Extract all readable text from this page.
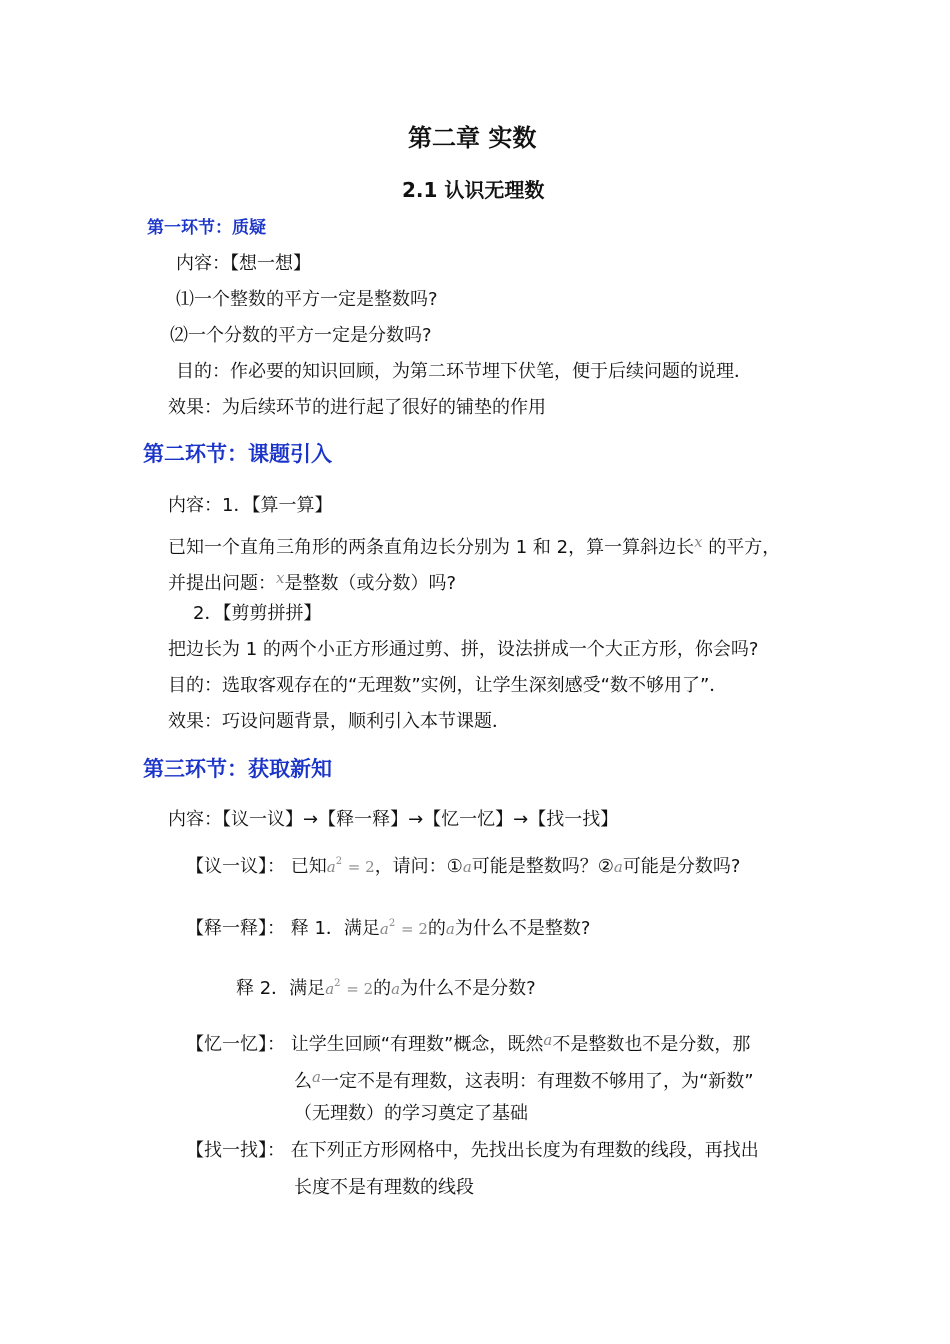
第二章 实数
2.1 认识无理数
第一环节：质疑
内容：【想一想】
⑴一个整数的平方一定是整数吗?
⑵一个分数的平方一定是分数吗?
目的：作必要的知识回顾，为第二环节埋下伏笔，便于后续问题的说理．
效果：为后续环节的进行起了很好的铺垫的作用
第二环节：课题引入
内容：1．【算一算】
已知一个直角三角形的两条直角边长分别为 1 和 2，算一算斜边长$^x$ 的平方，
并提出问题：$^x$是整数（或分数）吗?
2．【剪剪拼拼】
把边长为 1 的两个小正方形通过剪、拼，设法拼成一个大正方形，你会吗?
目的：选取客观存在的“无理数”实例，让学生深刻感受“数不够用了”．
效果：巧设问题背景，顺利引入本节课题．
第三环节：获取新知
内容：【议一议】→【释一释】→【忆一忆】→【找一找】
【议一议】： 已知$a^2 = 2$，请问：①a可能是整数吗？②a可能是分数吗?
【释一释】： 释 1．满足$a^2 = 2$的a为什么不是整数?
释 2．满足$a^2 = 2$的a为什么不是分数?
【忆一忆】： 让学生回顾“有理数”概念，既然$^a$不是整数也不是分数，那
么$^a$一定不是有理数，这表明：有理数不够用了，为“新数”
（无理数）的学习奠定了基础
【找一找】： 在下列正方形网格中，先找出长度为有理数的线段，再找出
长度不是有理数的线段
